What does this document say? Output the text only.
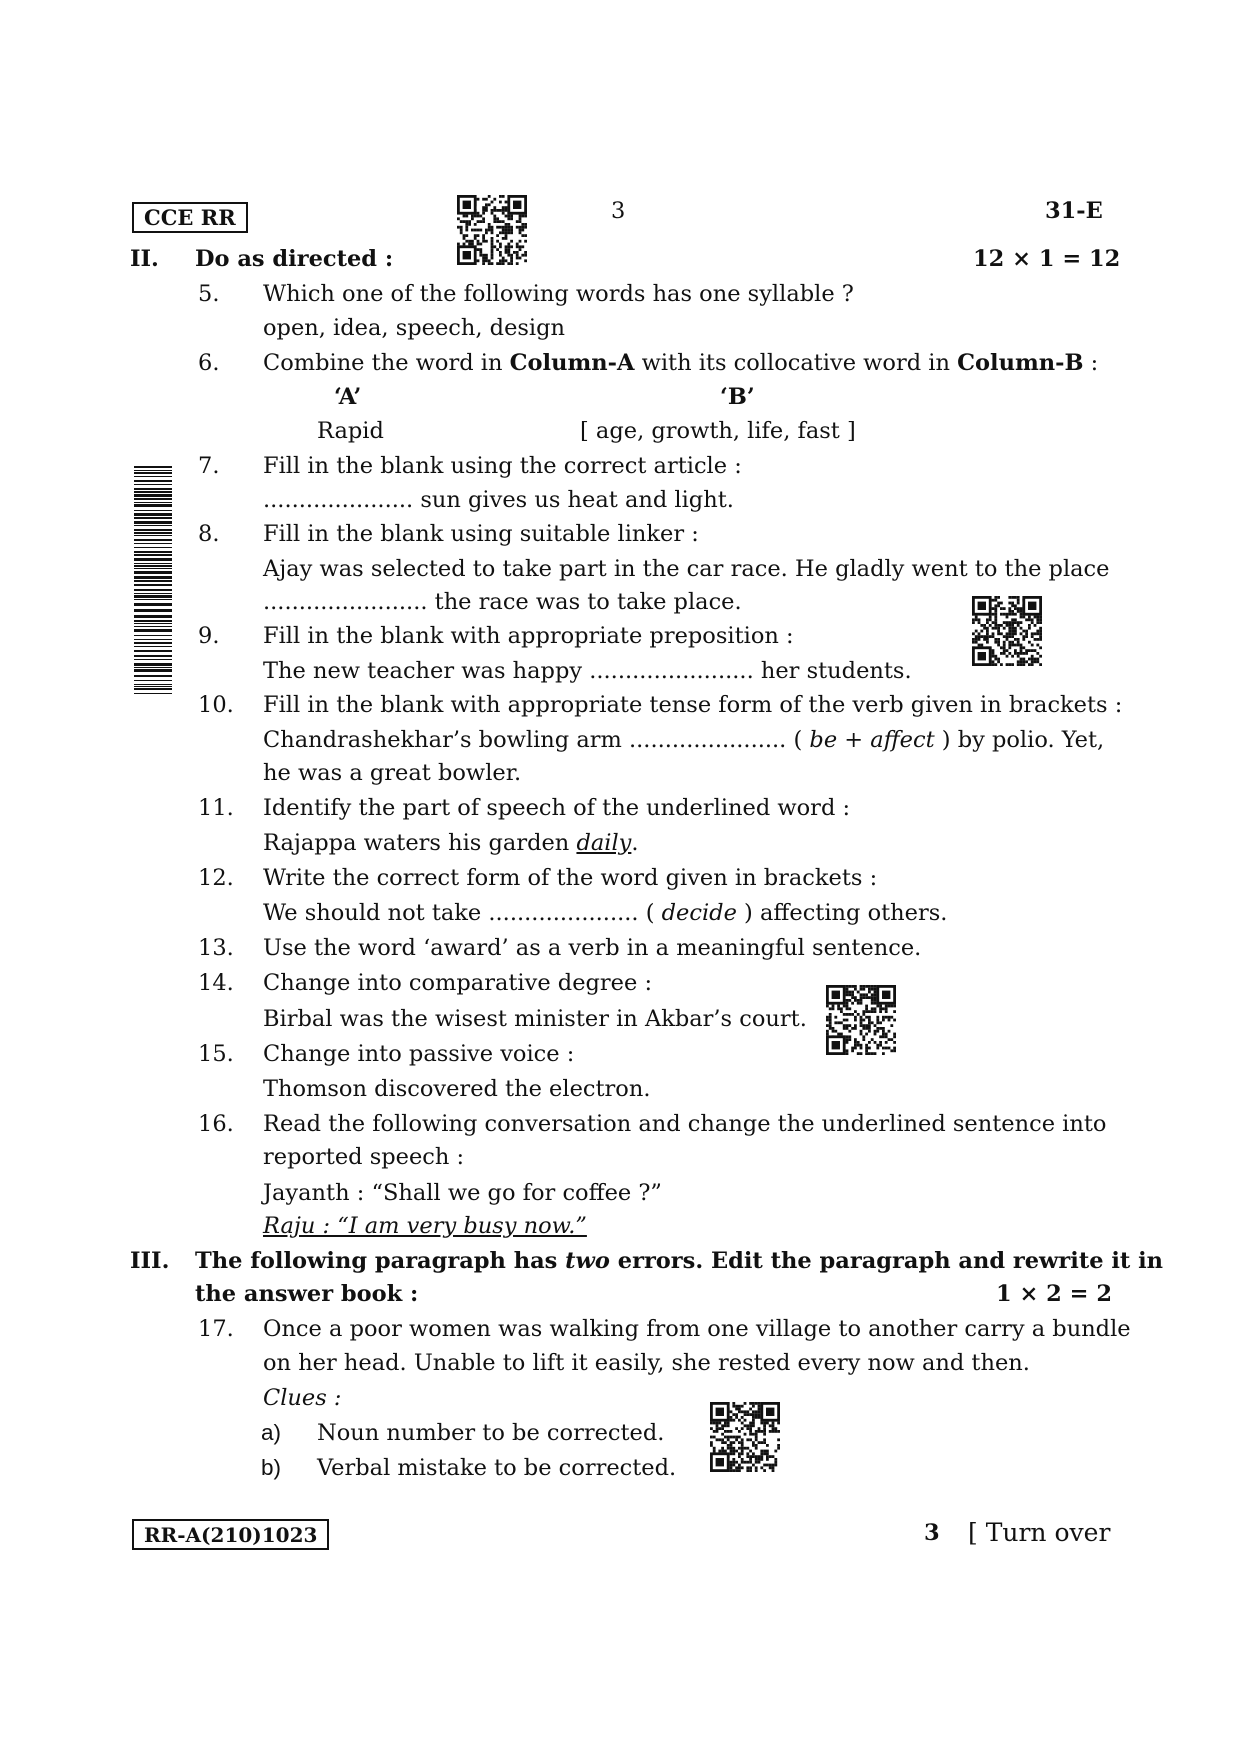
CCE RR	3	31-E
II. Do as directed :	12 × 1 = 12
5. Which one of the following words has one syllable ?
open, idea, speech, design
6. Combine the word in Column-A with its collocative word in Column-B :
‘A’	‘B’
Rapid	[ age, growth, life, fast ]
7. Fill in the blank using the correct article :
..................... sun gives us heat and light.
8. Fill in the blank using suitable linker :
Ajay was selected to take part in the car race. He gladly went to the place
....................... the race was to take place.
9. Fill in the blank with appropriate preposition :
The new teacher was happy ....................... her students.
10. Fill in the blank with appropriate tense form of the verb given in brackets :
Chandrashekhar’s bowling arm ...................... ( be + affect ) by polio. Yet,
he was a great bowler.
11. Identify the part of speech of the underlined word :
Rajappa waters his garden daily.
12. Write the correct form of the word given in brackets :
We should not take ..................... ( decide ) affecting others.
13. Use the word ‘award’ as a verb in a meaningful sentence.
14. Change into comparative degree :
Birbal was the wisest minister in Akbar’s court.
15. Change into passive voice :
Thomson discovered the electron.
16. Read the following conversation and change the underlined sentence into
reported speech :
Jayanth : “Shall we go for coffee ?”
Raju : “I am very busy now.”
III. The following paragraph has two errors. Edit the paragraph and rewrite it in
the answer book :	1 × 2 = 2
17. Once a poor women was walking from one village to another carry a bundle
on her head. Unable to lift it easily, she rested every now and then.
Clues :
a) Noun number to be corrected.
b) Verbal mistake to be corrected.
RR-A(210)1023	3 [ Turn over
